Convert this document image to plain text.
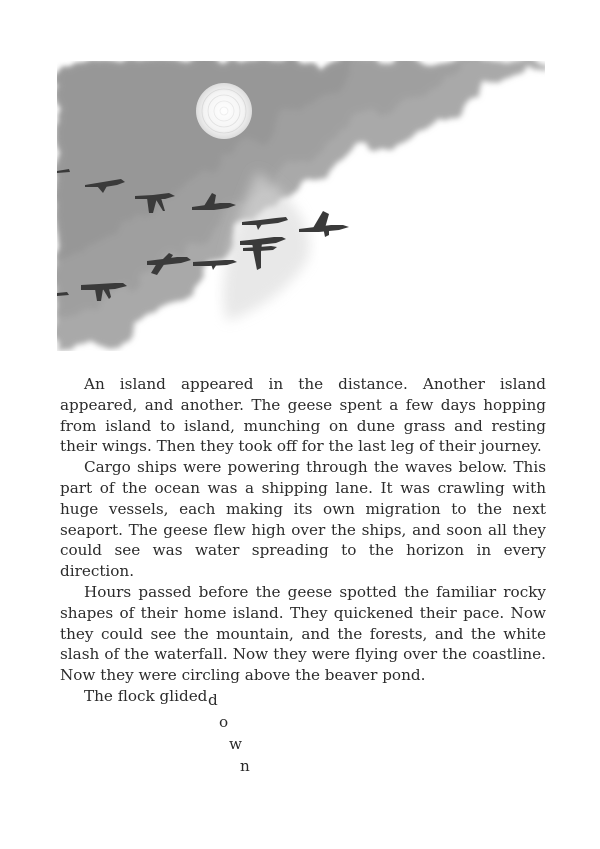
An island appeared in the distance. Another island appeared, and another. The geese spent a few days hopping from island to island, munching on dune grass and resting their wings. Then they took off for the last leg of their journey.

Cargo ships were powering through the waves below. This part of the ocean was a shipping lane. It was crawling with huge vessels, each making its own migration to the next seaport. The geese flew high over the ships, and soon all they could see was water spreading to the horizon in every direction.

Hours passed before the geese spotted the familiar rocky shapes of their home island. They quickened their pace. Now they could see the mountain, and the forests, and the white slash of the waterfall. Now they were flying over the coastline. Now they were circling above the beaver pond.

The flock glided d
o
w
n
